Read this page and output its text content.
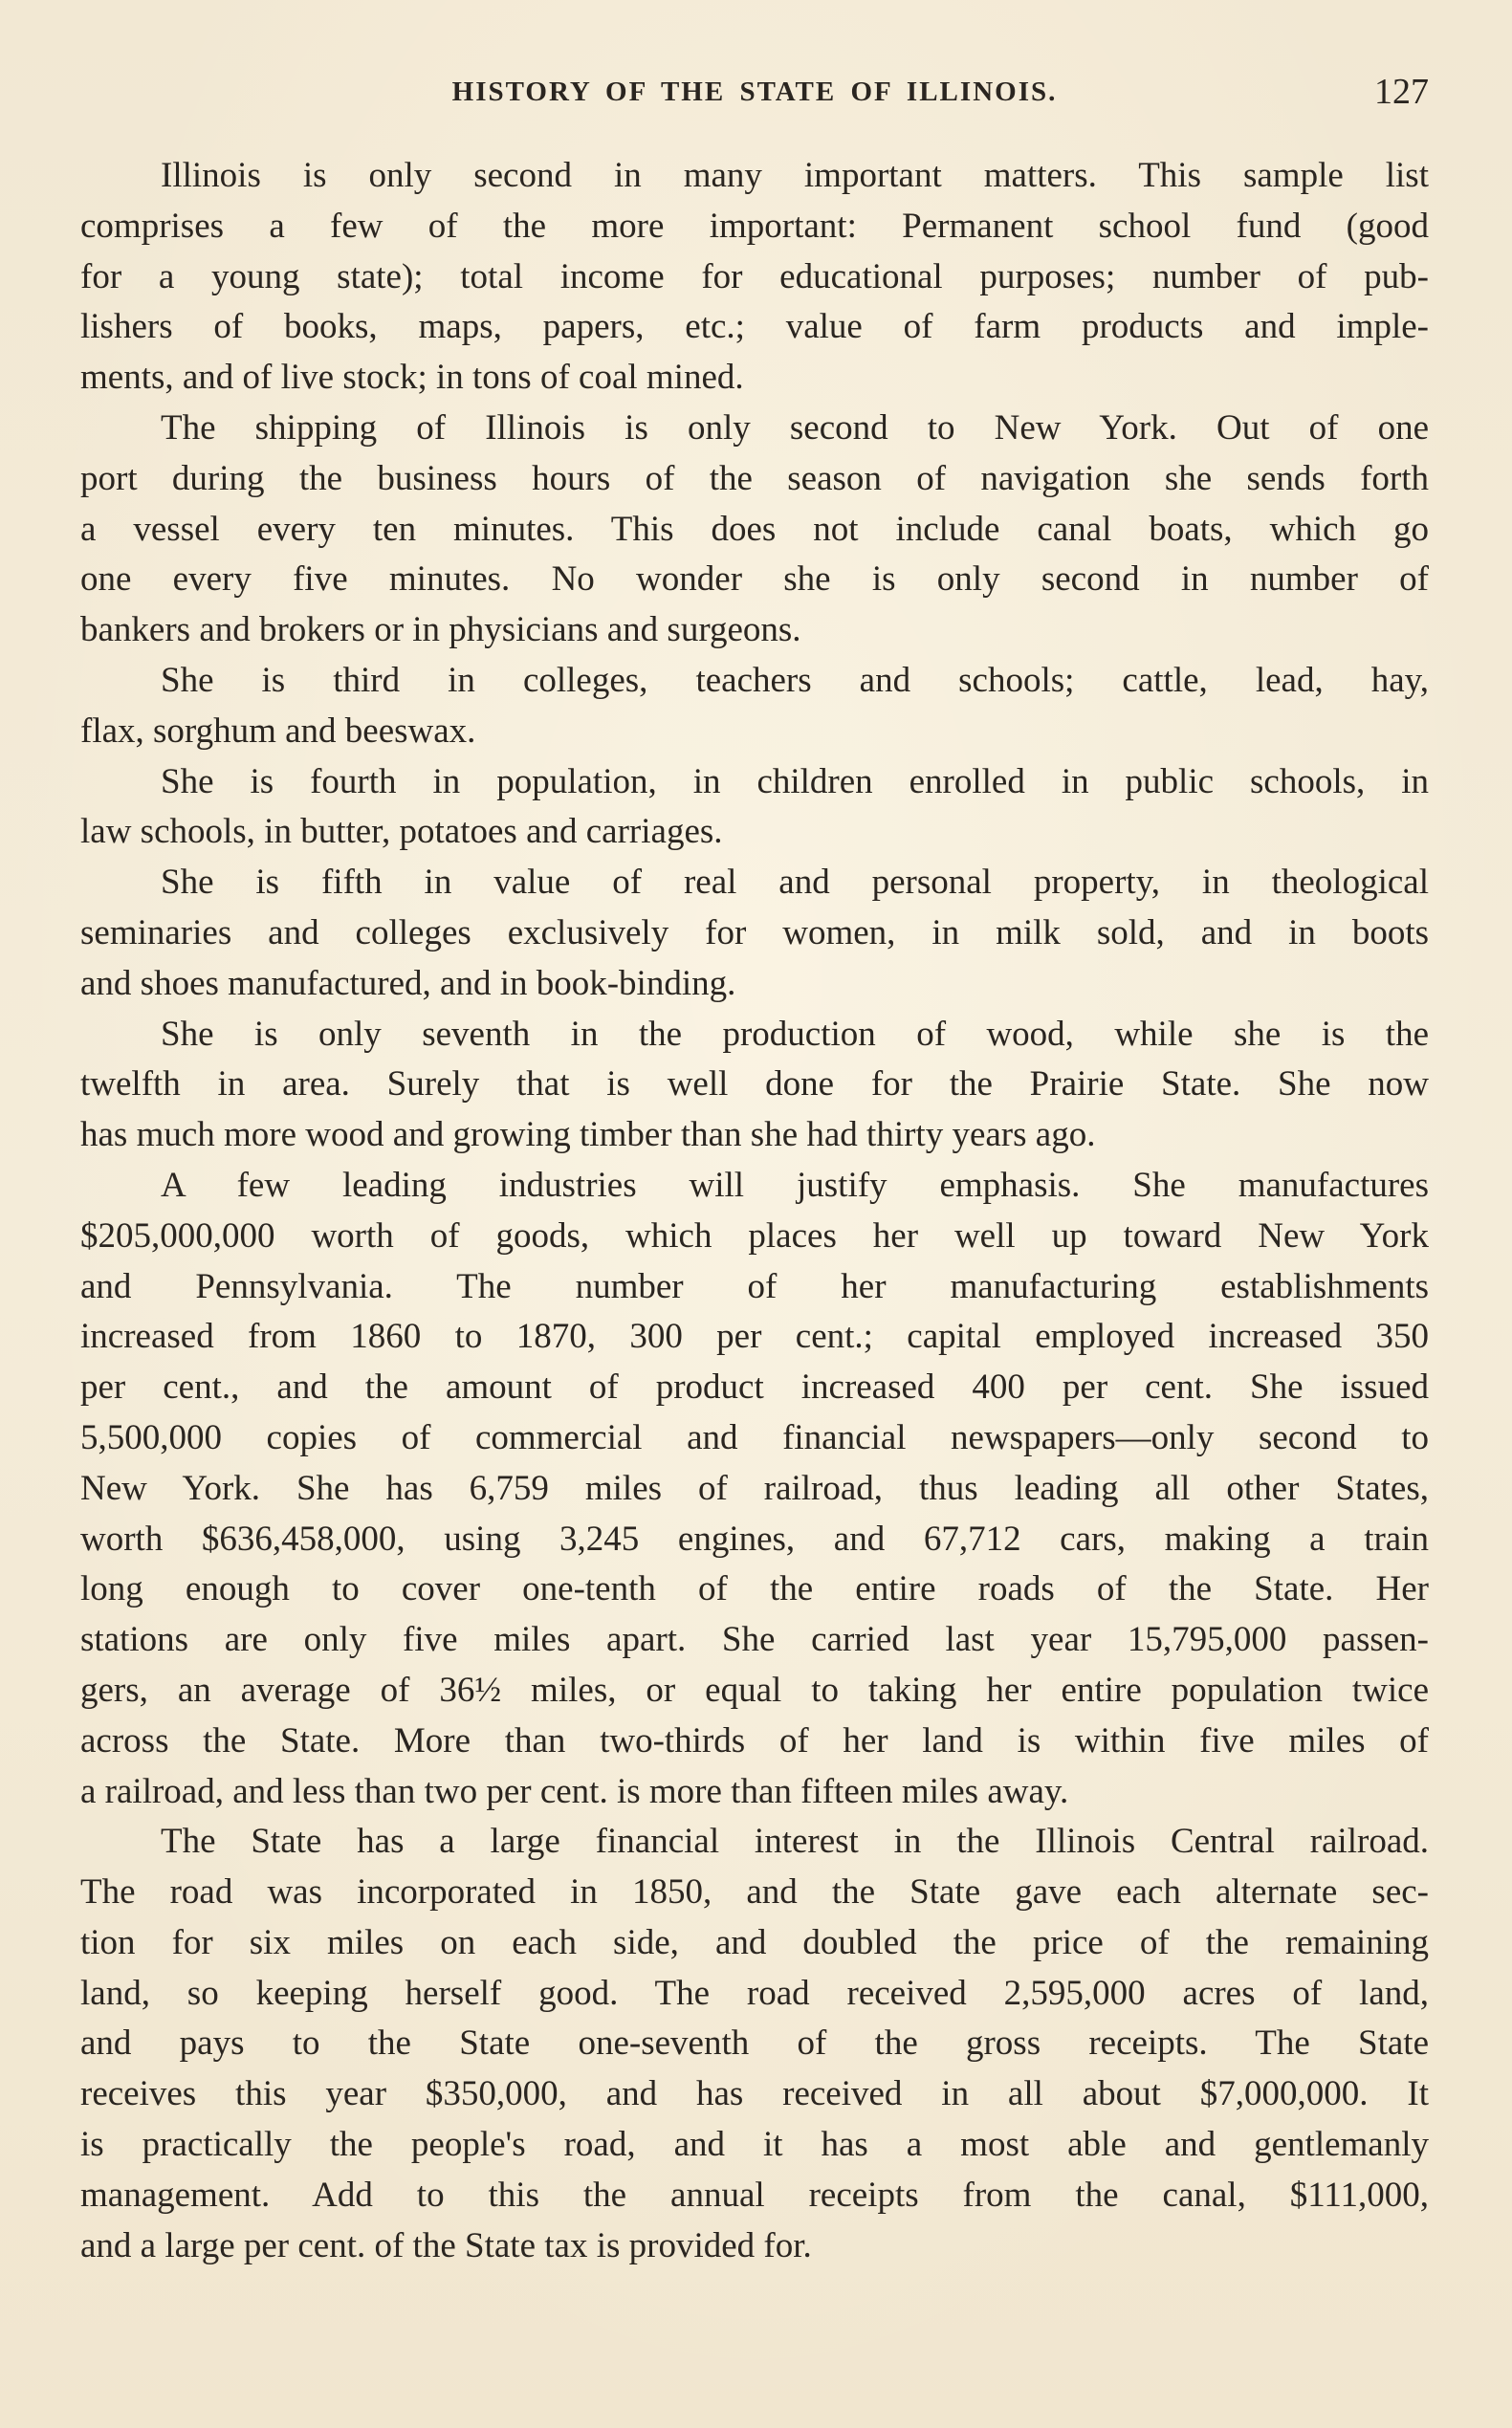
HISTORY OF THE STATE OF ILLINOIS.	127
Illinois is only second in many important matters. This sample list
comprises a few of the more important: Permanent school fund (good
for a young state); total income for educational purposes; number of pub-
lishers of books, maps, papers, etc.; value of farm products and imple-
ments, and of live stock; in tons of coal mined.
The shipping of Illinois is only second to New York. Out of one
port during the business hours of the season of navigation she sends forth
a vessel every ten minutes. This does not include canal boats, which go
one every five minutes. No wonder she is only second in number of
bankers and brokers or in physicians and surgeons.
She is third in colleges, teachers and schools; cattle, lead, hay,
flax, sorghum and beeswax.
She is fourth in population, in children enrolled in public schools, in
law schools, in butter, potatoes and carriages.
She is fifth in value of real and personal property, in theological
seminaries and colleges exclusively for women, in milk sold, and in boots
and shoes manufactured, and in book-binding.
She is only seventh in the production of wood, while she is the
twelfth in area. Surely that is well done for the Prairie State. She now
has much more wood and growing timber than she had thirty years ago.
A few leading industries will justify emphasis. She manufactures
$205,000,000 worth of goods, which places her well up toward New York
and Pennsylvania. The number of her manufacturing establishments
increased from 1860 to 1870, 300 per cent.; capital employed increased 350
per cent., and the amount of product increased 400 per cent. She issued
5,500,000 copies of commercial and financial newspapers—only second to
New York. She has 6,759 miles of railroad, thus leading all other States,
worth $636,458,000, using 3,245 engines, and 67,712 cars, making a train
long enough to cover one-tenth of the entire roads of the State. Her
stations are only five miles apart. She carried last year 15,795,000 passen-
gers, an average of 36½ miles, or equal to taking her entire population twice
across the State. More than two-thirds of her land is within five miles of
a railroad, and less than two per cent. is more than fifteen miles away.
The State has a large financial interest in the Illinois Central railroad.
The road was incorporated in 1850, and the State gave each alternate sec-
tion for six miles on each side, and doubled the price of the remaining
land, so keeping herself good. The road received 2,595,000 acres of land,
and pays to the State one-seventh of the gross receipts. The State
receives this year $350,000, and has received in all about $7,000,000. It
is practically the people's road, and it has a most able and gentlemanly
management. Add to this the annual receipts from the canal, $111,000,
and a large per cent. of the State tax is provided for.
